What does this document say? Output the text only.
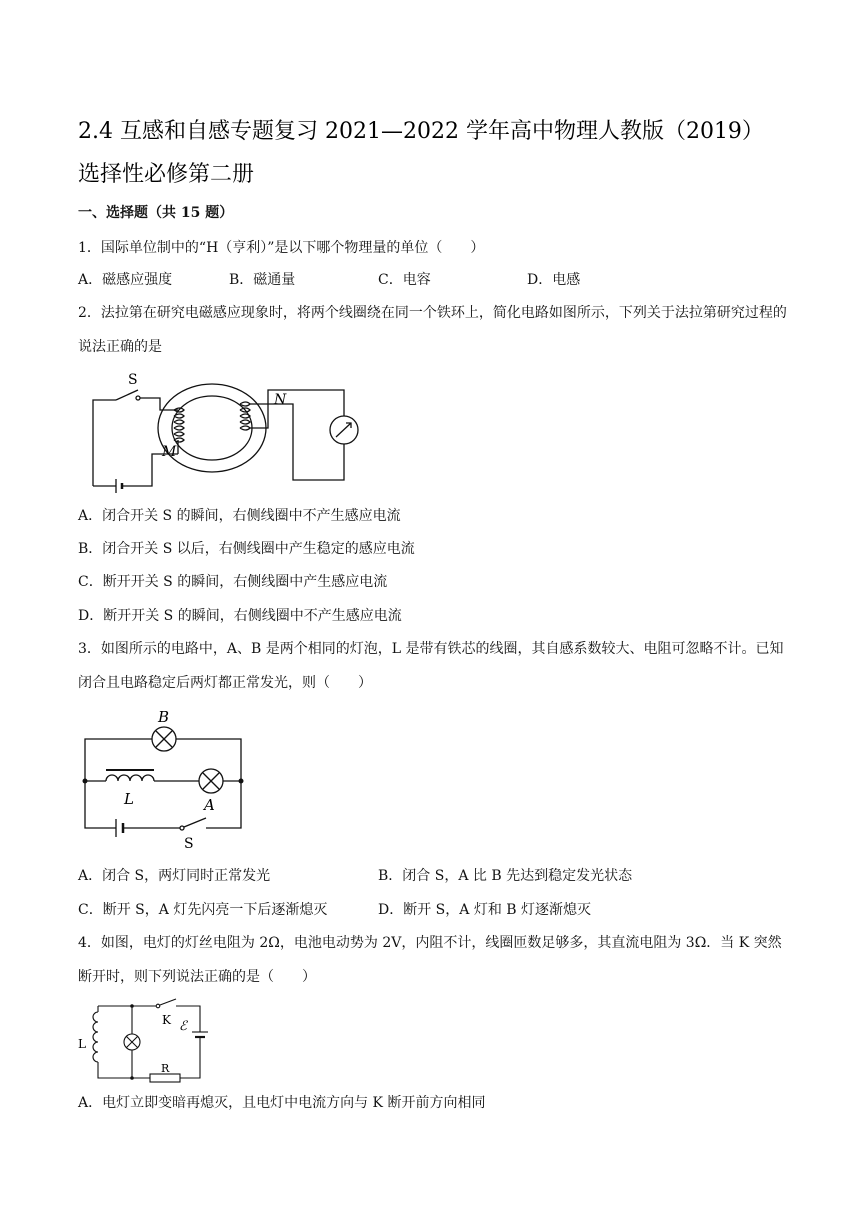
2.4 互感和自感专题复习 2021—2022 学年高中物理人教版（2019）选择性必修第二册
一、选择题（共 15 题）
1．国际单位制中的“H（亨利）”是以下哪个物理量的单位（　　）
A．磁感应强度	B．磁通量	C．电容	D．电感
2．法拉第在研究电磁感应现象时，将两个线圈绕在同一个铁环上，简化电路如图所示，下列关于法拉第研究过程的说法正确的是
S
M
N
A．闭合开关 S 的瞬间，右侧线圈中不产生感应电流
B．闭合开关 S 以后，右侧线圈中产生稳定的感应电流
C．断开开关 S 的瞬间，右侧线圈中产生感应电流
D．断开开关 S 的瞬间，右侧线圈中不产生感应电流
3．如图所示的电路中，A、B 是两个相同的灯泡，L 是带有铁芯的线圈，其自感系数较大、电阻可忽略不计。已知闭合且电路稳定后两灯都正常发光，则（　　）
B
L	A
S
A．闭合 S，两灯同时正常发光	B．闭合 S，A 比 B 先达到稳定发光状态
C．断开 S，A 灯先闪亮一下后逐渐熄灭	D．断开 S，A 灯和 B 灯逐渐熄灭
4．如图，电灯的灯丝电阻为 2Ω，电池电动势为 2V，内阻不计，线圈匝数足够多，其直流电阻为 3Ω．当 K 突然断开时，则下列说法正确的是（　　）
L
K ℰ
R
A．电灯立即变暗再熄灭，且电灯中电流方向与 K 断开前方向相同
